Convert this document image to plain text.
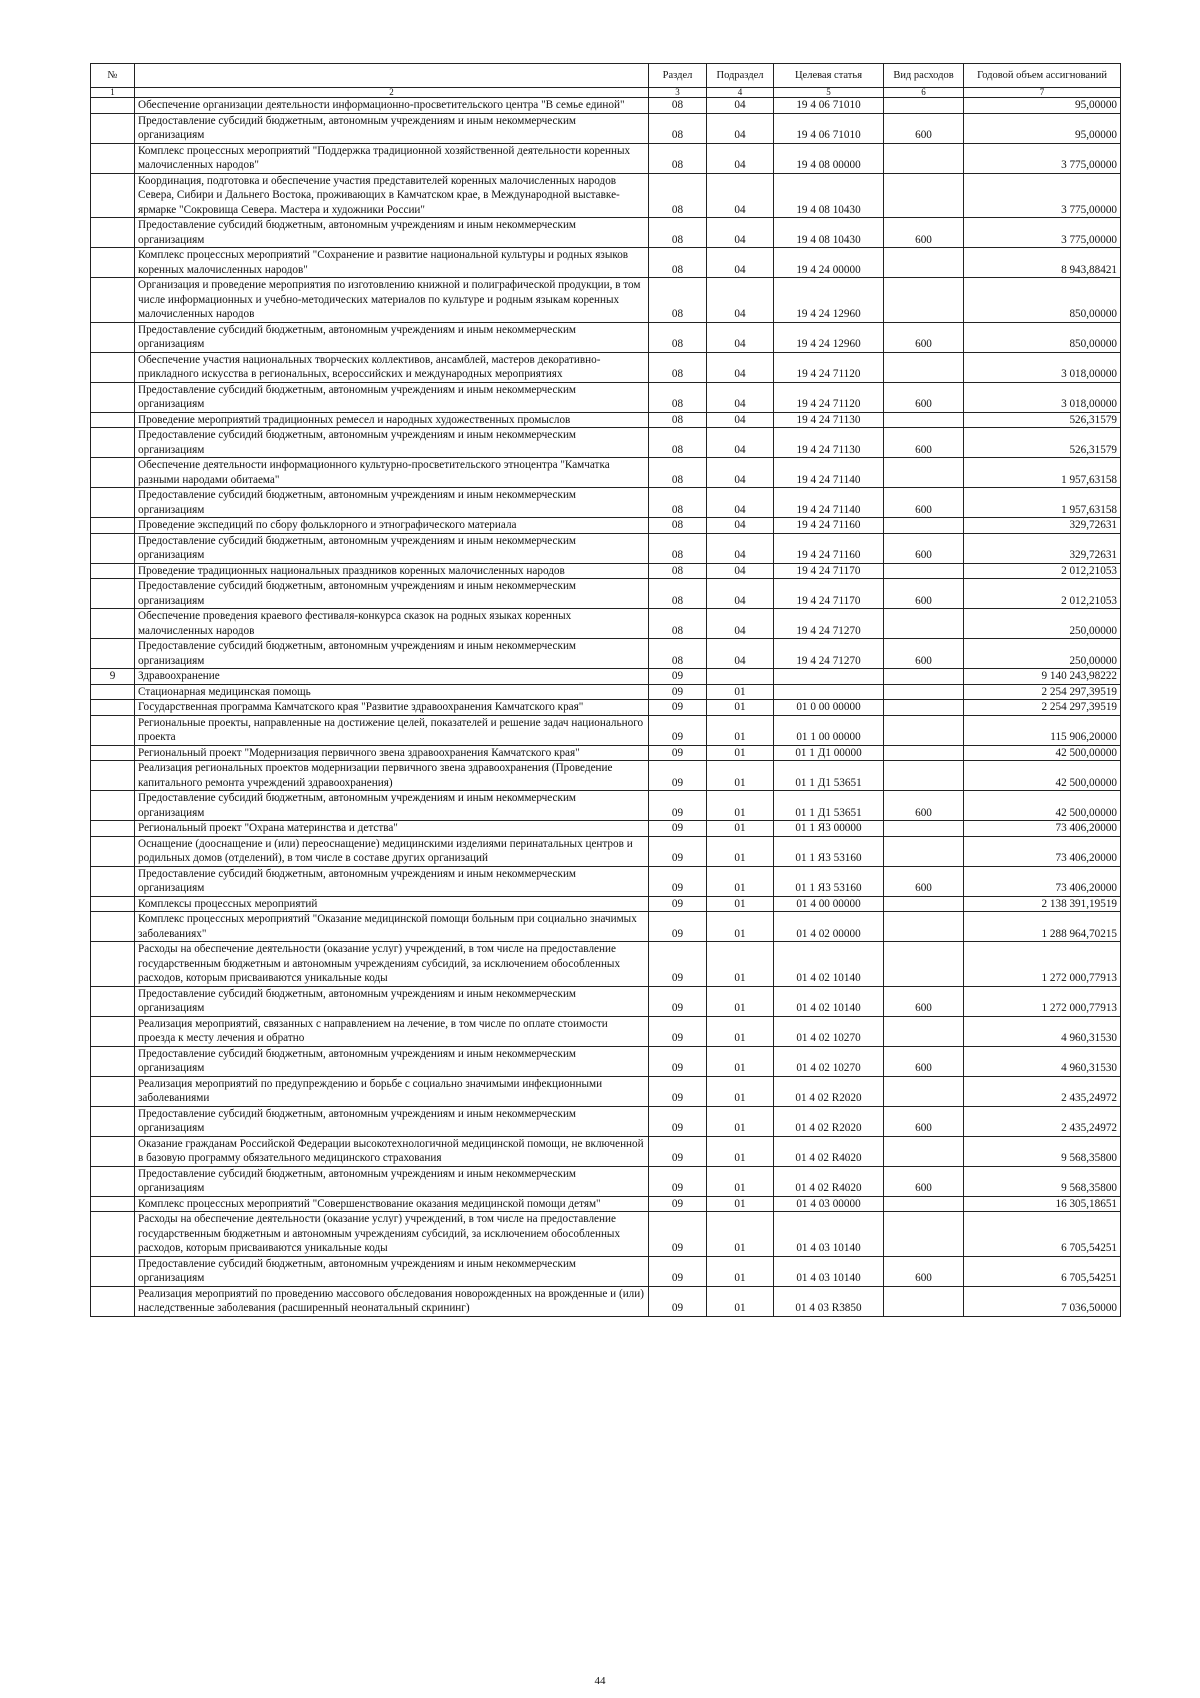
№		Раздел	Подраздел	Целевая статья	Вид расходов	Годовой объем ассигнований
1	2	3	4	5	6	7
	Обеспечение организации деятельности информационно-просветительского центра "В семье единой"	08	04	19 4 06 71010		95,00000
	Предоставление субсидий бюджетным, автономным учреждениям и иным некоммерческим организациям	08	04	19 4 06 71010	600	95,00000
	Комплекс процессных мероприятий "Поддержка традиционной хозяйственной деятельности коренных малочисленных народов"	08	04	19 4 08 00000		3 775,00000
	Координация, подготовка и обеспечение участия представителей коренных малочисленных народов Севера, Сибири и Дальнего Востока, проживающих в Камчатском крае, в Международной выставке-ярмарке "Сокровища Севера. Мастера и художники России"	08	04	19 4 08 10430		3 775,00000
	Предоставление субсидий бюджетным, автономным учреждениям и иным некоммерческим организациям	08	04	19 4 08 10430	600	3 775,00000
	Комплекс процессных мероприятий "Сохранение и развитие национальной культуры и родных языков коренных малочисленных народов"	08	04	19 4 24 00000		8 943,88421
	Организация и проведение мероприятия по изготовлению книжной и полиграфической продукции, в том числе информационных и учебно-методических материалов по культуре и родным языкам коренных малочисленных народов	08	04	19 4 24 12960		850,00000
	Предоставление субсидий бюджетным, автономным учреждениям и иным некоммерческим организациям	08	04	19 4 24 12960	600	850,00000
	Обеспечение участия национальных творческих коллективов, ансамблей, мастеров декоративно-прикладного искусства в региональных, всероссийских и международных мероприятиях	08	04	19 4 24 71120		3 018,00000
	Предоставление субсидий бюджетным, автономным учреждениям и иным некоммерческим организациям	08	04	19 4 24 71120	600	3 018,00000
	Проведение мероприятий традиционных ремесел и народных художественных промыслов	08	04	19 4 24 71130		526,31579
	Предоставление субсидий бюджетным, автономным учреждениям и иным некоммерческим организациям	08	04	19 4 24 71130	600	526,31579
	Обеспечение деятельности информационного культурно-просветительского этноцентра "Камчатка разными народами обитаема"	08	04	19 4 24 71140		1 957,63158
	Предоставление субсидий бюджетным, автономным учреждениям и иным некоммерческим организациям	08	04	19 4 24 71140	600	1 957,63158
	Проведение экспедиций по сбору фольклорного и этнографического материала	08	04	19 4 24 71160		329,72631
	Предоставление субсидий бюджетным, автономным учреждениям и иным некоммерческим организациям	08	04	19 4 24 71160	600	329,72631
	Проведение традиционных национальных праздников коренных малочисленных народов	08	04	19 4 24 71170		2 012,21053
	Предоставление субсидий бюджетным, автономным учреждениям и иным некоммерческим организациям	08	04	19 4 24 71170	600	2 012,21053
	Обеспечение проведения краевого фестиваля-конкурса сказок на родных языках коренных малочисленных народов	08	04	19 4 24 71270		250,00000
	Предоставление субсидий бюджетным, автономным учреждениям и иным некоммерческим организациям	08	04	19 4 24 71270	600	250,00000
9	Здравоохранение	09				9 140 243,98222
	Стационарная медицинская помощь	09	01			2 254 297,39519
	Государственная программа Камчатского края "Развитие здравоохранения Камчатского края"	09	01	01 0 00 00000		2 254 297,39519
	Региональные проекты, направленные на достижение целей, показателей и решение задач национального проекта	09	01	01 1 00 00000		115 906,20000
	Региональный проект "Модернизация первичного звена здравоохранения Камчатского края"	09	01	01 1 Д1 00000		42 500,00000
	Реализация региональных проектов модернизации первичного звена здравоохранения (Проведение капитального ремонта учреждений здравоохранения)	09	01	01 1 Д1 53651		42 500,00000
	Предоставление субсидий бюджетным, автономным учреждениям и иным некоммерческим организациям	09	01	01 1 Д1 53651	600	42 500,00000
	Региональный проект "Охрана материнства и детства"	09	01	01 1 Я3 00000		73 406,20000
	Оснащение (дооснащение и (или) переоснащение) медицинскими изделиями перинатальных центров и родильных домов (отделений), в том числе в составе других организаций	09	01	01 1 Я3 53160		73 406,20000
	Предоставление субсидий бюджетным, автономным учреждениям и иным некоммерческим организациям	09	01	01 1 Я3 53160	600	73 406,20000
	Комплексы процессных мероприятий	09	01	01 4 00 00000		2 138 391,19519
	Комплекс процессных мероприятий "Оказание медицинской помощи больным при социально значимых заболеваниях"	09	01	01 4 02 00000		1 288 964,70215
	Расходы на обеспечение деятельности (оказание услуг) учреждений, в том числе на предоставление государственным бюджетным и автономным учреждениям субсидий, за исключением обособленных расходов, которым присваиваются уникальные коды	09	01	01 4 02 10140		1 272 000,77913
	Предоставление субсидий бюджетным, автономным учреждениям и иным некоммерческим организациям	09	01	01 4 02 10140	600	1 272 000,77913
	Реализация мероприятий, связанных с направлением на лечение, в том числе по оплате стоимости проезда к месту лечения и обратно	09	01	01 4 02 10270		4 960,31530
	Предоставление субсидий бюджетным, автономным учреждениям и иным некоммерческим организациям	09	01	01 4 02 10270	600	4 960,31530
	Реализация мероприятий по предупреждению и борьбе с социально значимыми инфекционными заболеваниями	09	01	01 4 02 R2020		2 435,24972
	Предоставление субсидий бюджетным, автономным учреждениям и иным некоммерческим организациям	09	01	01 4 02 R2020	600	2 435,24972
	Оказание гражданам Российской Федерации высокотехнологичной медицинской помощи, не включенной в базовую программу обязательного медицинского страхования	09	01	01 4 02 R4020		9 568,35800
	Предоставление субсидий бюджетным, автономным учреждениям и иным некоммерческим организациям	09	01	01 4 02 R4020	600	9 568,35800
	Комплекс процессных мероприятий "Совершенствование оказания медицинской помощи детям"	09	01	01 4 03 00000		16 305,18651
	Расходы на обеспечение деятельности (оказание услуг) учреждений, в том числе на предоставление государственным бюджетным и автономным учреждениям субсидий, за исключением обособленных расходов, которым присваиваются уникальные коды	09	01	01 4 03 10140		6 705,54251
	Предоставление субсидий бюджетным, автономным учреждениям и иным некоммерческим организациям	09	01	01 4 03 10140	600	6 705,54251
	Реализация мероприятий по проведению массового обследования новорожденных на врожденные и (или) наследственные заболевания (расширенный неонатальный скрининг)	09	01	01 4 03 R3850		7 036,50000
44
